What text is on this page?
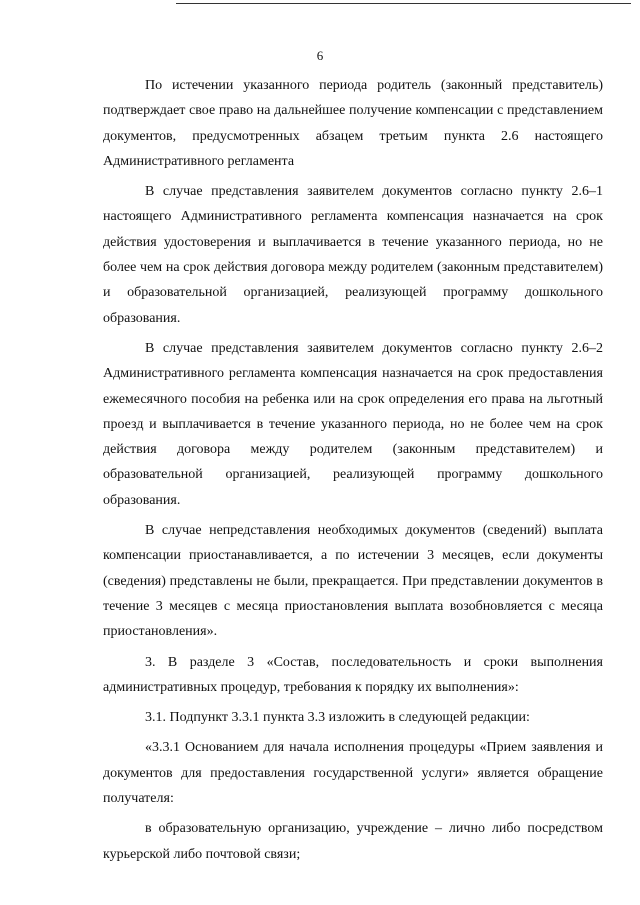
6

По истечении указанного периода родитель (законный представитель) подтверждает свое право на дальнейшее получение компенсации с представлением документов, предусмотренных абзацем третьим пункта 2.6 настоящего Административного регламента

В случае представления заявителем документов согласно пункту 2.6–1 настоящего Административного регламента компенсация назначается на срок действия удостоверения и выплачивается в течение указанного периода, но не более чем на срок действия договора между родителем (законным представителем) и образовательной организацией, реализующей программу дошкольного образования.

В случае представления заявителем документов согласно пункту 2.6–2 Административного регламента компенсация назначается на срок предоставления ежемесячного пособия на ребенка или на срок определения его права на льготный проезд и выплачивается в течение указанного периода, но не более чем на срок действия договора между родителем (законным представителем) и образовательной организацией, реализующей программу дошкольного образования.

В случае непредставления необходимых документов (сведений) выплата компенсации приостанавливается, а по истечении 3 месяцев, если документы (сведения) представлены не были, прекращается. При представлении документов в течение 3 месяцев с месяца приостановления выплата возобновляется с месяца приостановления».

3. В разделе 3 «Состав, последовательность и сроки выполнения административных процедур, требования к порядку их выполнения»:

3.1. Подпункт 3.3.1 пункта 3.3 изложить в следующей редакции:

«3.3.1 Основанием для начала исполнения процедуры «Прием заявления и документов для предоставления государственной услуги» является обращение получателя:

в образовательную организацию, учреждение – лично либо посредством курьерской либо почтовой связи;
